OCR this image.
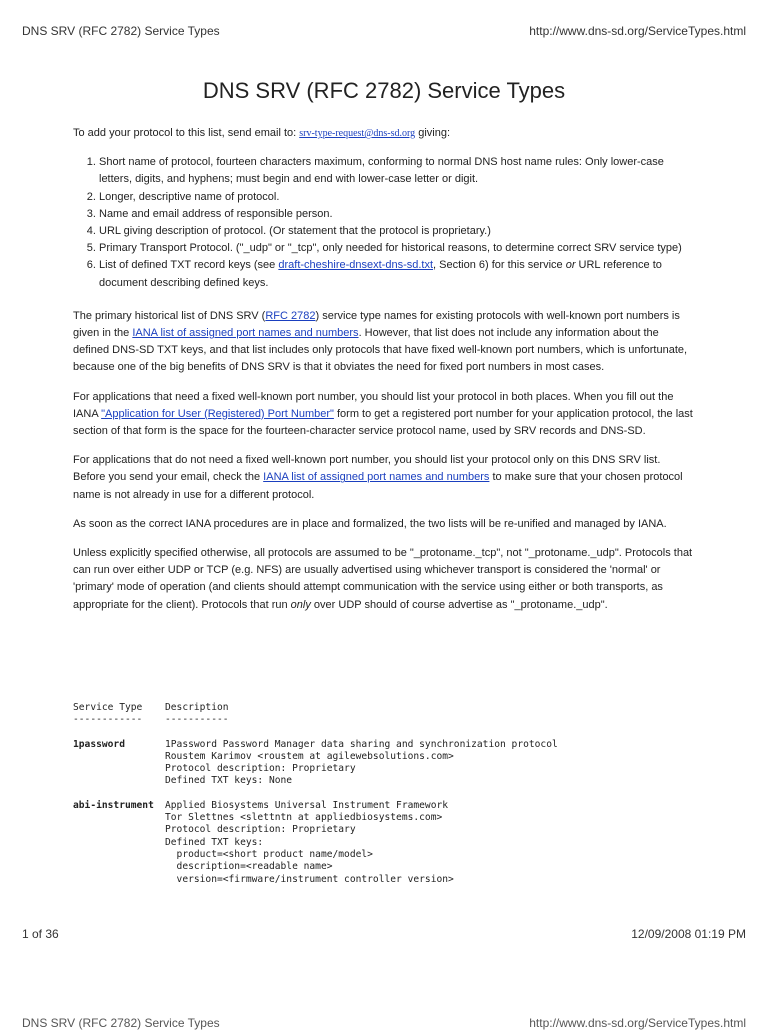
DNS SRV (RFC 2782) Service Types	http://www.dns-sd.org/ServiceTypes.html
DNS SRV (RFC 2782) Service Types

To add your protocol to this list, send email to: srv-type-request@dns-sd.org giving:

1. Short name of protocol, fourteen characters maximum, conforming to normal DNS host name rules: Only lower-case letters, digits, and hyphens; must begin and end with lower-case letter or digit.
2. Longer, descriptive name of protocol.
3. Name and email address of responsible person.
4. URL giving description of protocol. (Or statement that the protocol is proprietary.)
5. Primary Transport Protocol. ("_udp" or "_tcp", only needed for historical reasons, to determine correct SRV service type)
6. List of defined TXT record keys (see draft-cheshire-dnsext-dns-sd.txt, Section 6) for this service or URL reference to document describing defined keys.

The primary historical list of DNS SRV (RFC 2782) service type names for existing protocols with well-known port numbers is given in the IANA list of assigned port names and numbers. However, that list does not include any information about the defined DNS-SD TXT keys, and that list includes only protocols that have fixed well-known port numbers, which is unfortunate, because one of the big benefits of DNS SRV is that it obviates the need for fixed port numbers in most cases.

For applications that need a fixed well-known port number, you should list your protocol in both places. When you fill out the IANA "Application for User (Registered) Port Number" form to get a registered port number for your application protocol, the last section of that form is the space for the fourteen-character service protocol name, used by SRV records and DNS-SD.

For applications that do not need a fixed well-known port number, you should list your protocol only on this DNS SRV list. Before you send your email, check the IANA list of assigned port names and numbers to make sure that your chosen protocol name is not already in use for a different protocol.

As soon as the correct IANA procedures are in place and formalized, the two lists will be re-unified and managed by IANA.

Unless explicitly specified otherwise, all protocols are assumed to be "_protoname._tcp", not "_protoname._udp". Protocols that can run over either UDP or TCP (e.g. NFS) are usually advertised using whichever transport is considered the 'normal' or 'primary' mode of operation (and clients should attempt communication with the service using either or both transports, as appropriate for the client). Protocols that run only over UDP should of course advertise as "_protoname._udp".

Service Type	Description
------------	-----------
1password	1Password Password Manager data sharing and synchronization protocol
Roustem Karimov <roustem at agilewebsolutions.com>
Protocol description: Proprietary
Defined TXT keys: None
abi-instrument	Applied Biosystems Universal Instrument Framework
Tor Slettnes <slettntn at appliedbiosystems.com>
Protocol description: Proprietary
Defined TXT keys:
product=<short product name/model>
description=<readable name>
version=<firmware/instrument controller version>
1 of 36	12/09/2008 01:19 PM
DNS SRV (RFC 2782) Service Types	http://www.dns-sd.org/ServiceTypes.html
